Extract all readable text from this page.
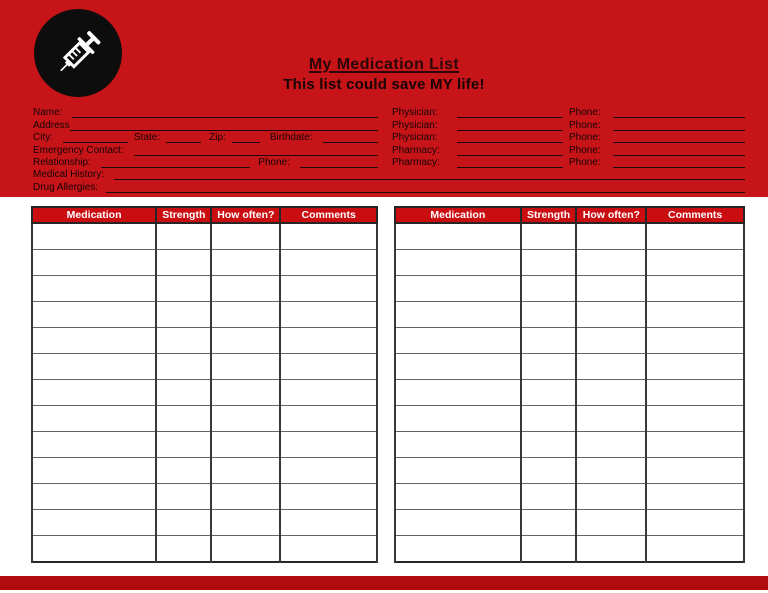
My Medication List
This list could save MY life!
Name:	Physician:	Phone:
Address	Physician:	Phone:
City:	State:	Zip:	Birthdate:	Physician:	Phone:
Emergency Contact:	Pharmacy:	Phone:
Relationship:	Phone:	Pharmacy:	Phone:
Medical History:
Drug Allergies:
Medication	Strength	How often?	Comments

				Medication	Strength	How often?	Comments
